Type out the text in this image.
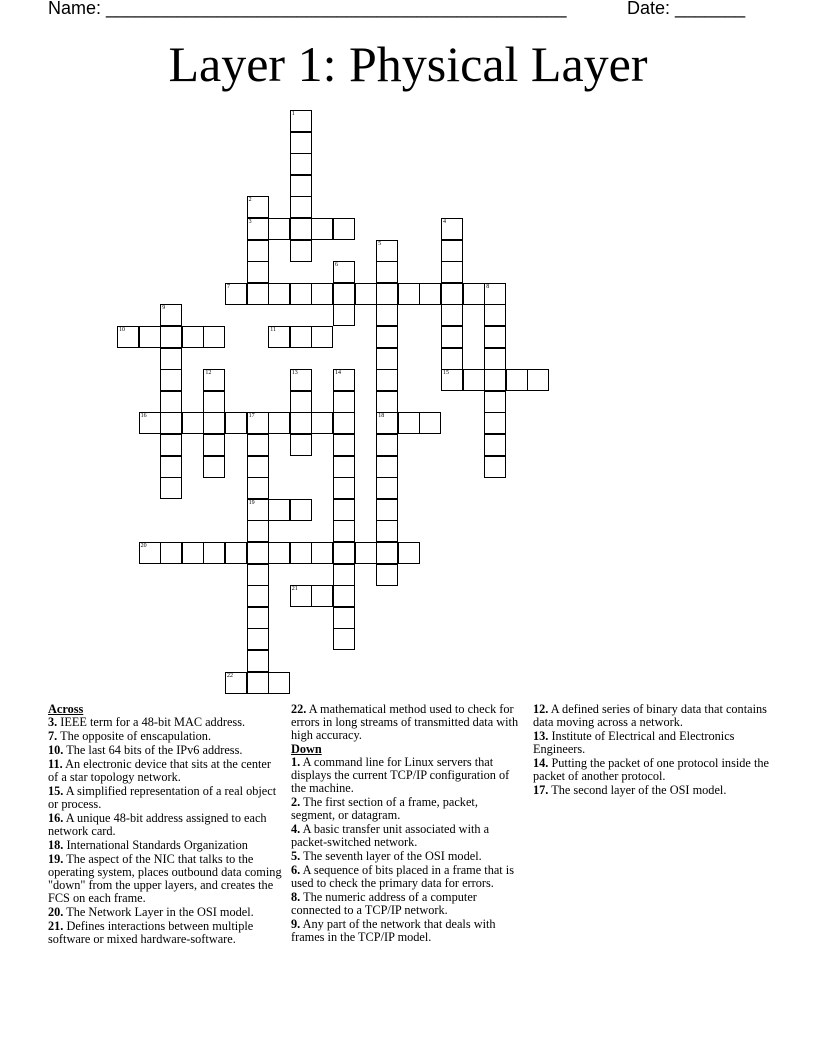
Name: ______________________________________________	Date: _______
Layer 1: Physical Layer
1
2
3	4
5
18
6
7	8
9
10	11
12	13	14	15
16	17
19
20
21
22

Across

3. IEEE term for a 48-bit MAC address.

7. The opposite of enscapulation.

10. The last 64 bits of the IPv6 address.

11. An electronic device that sits at the center of a star topology network.

15. A simplified representation of a real object or process.

16. A unique 48-bit address assigned to each network card.

18. International Standards Organization

19. The aspect of the NIC that talks to the operating system, places outbound data coming "down" from the upper layers, and creates the FCS on each frame.

20. The Network Layer in the OSI model.

21. Defines interactions between multiple software or mixed hardware-software.

22. A mathematical method used to check for errors in long streams of transmitted data with high accuracy.

Down

1. A command line for Linux servers that displays the current TCP/IP configuration of the machine.

2. The first section of a frame, packet, segment, or datagram.

4. A basic transfer unit associated with a packet-switched network.

5. The seventh layer of the OSI model.

6. A sequence of bits placed in a frame that is used to check the primary data for errors.

8. The numeric address of a computer connected to a TCP/IP network.

9. Any part of the network that deals with frames in the TCP/IP model.

12. A defined series of binary data that contains data moving across a network.

13. Institute of Electrical and Electronics Engineers.

14. Putting the packet of one protocol inside the packet of another protocol.

17. The second layer of the OSI model.
